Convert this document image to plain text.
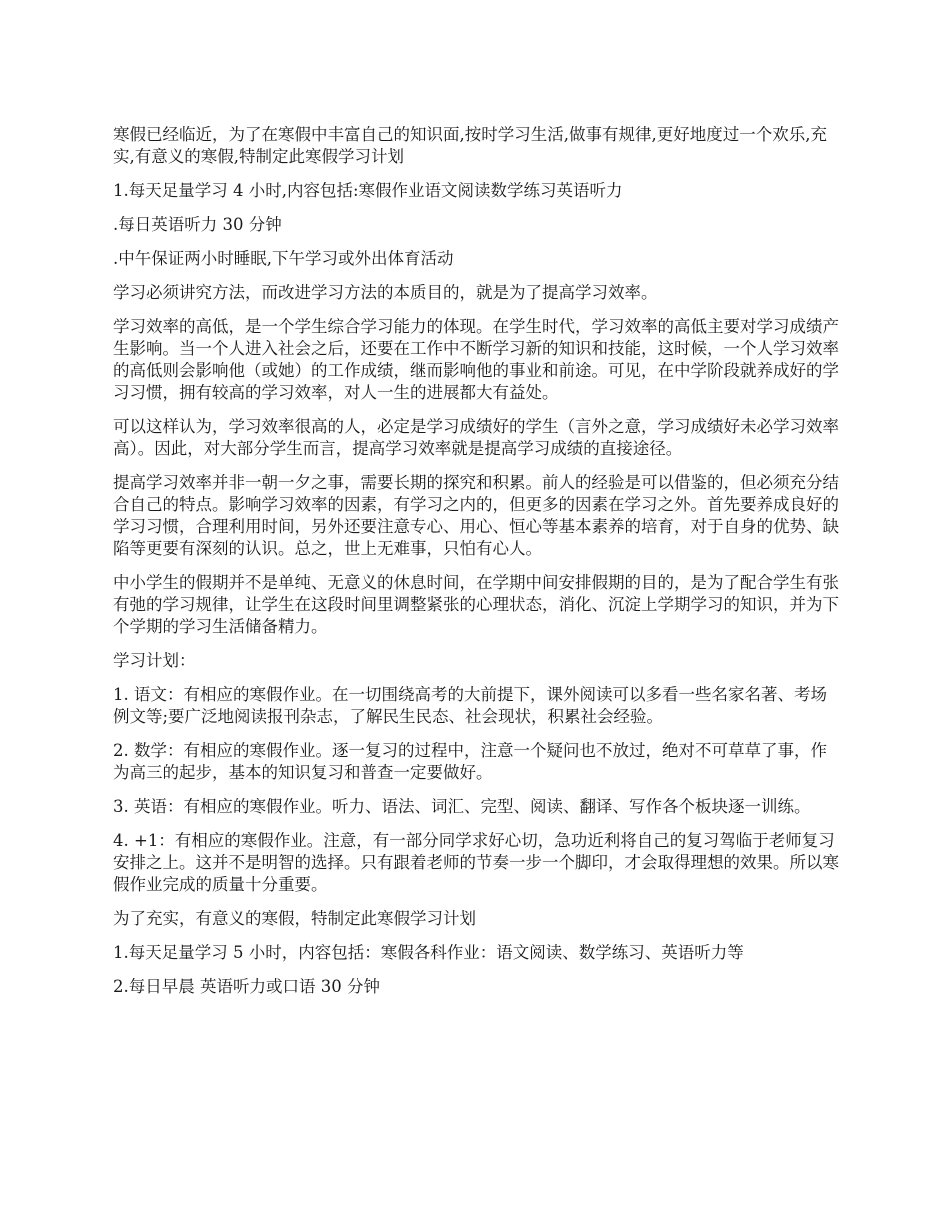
寒假已经临近，为了在寒假中丰富自己的知识面,按时学习生活,做事有规律,更好地度过一个欢乐,充实,有意义的寒假,特制定此寒假学习计划

1.每天足量学习 4 小时,内容包括:寒假作业语文阅读数学练习英语听力

.每日英语听力 30 分钟

.中午保证两小时睡眠,下午学习或外出体育活动

学习必须讲究方法，而改进学习方法的本质目的，就是为了提高学习效率。

学习效率的高低，是一个学生综合学习能力的体现。在学生时代，学习效率的高低主要对学习成绩产生影响。当一个人进入社会之后，还要在工作中不断学习新的知识和技能，这时候，一个人学习效率的高低则会影响他（或她）的工作成绩，继而影响他的事业和前途。可见，在中学阶段就养成好的学习习惯，拥有较高的学习效率，对人一生的进展都大有益处。

可以这样认为，学习效率很高的人，必定是学习成绩好的学生（言外之意，学习成绩好未必学习效率高）。因此，对大部分学生而言，提高学习效率就是提高学习成绩的直接途径。

提高学习效率并非一朝一夕之事，需要长期的探究和积累。前人的经验是可以借鉴的，但必须充分结合自己的特点。影响学习效率的因素，有学习之内的，但更多的因素在学习之外。首先要养成良好的学习习惯，合理利用时间，另外还要注意专心、用心、恒心等基本素养的培育，对于自身的优势、缺陷等更要有深刻的认识。总之，世上无难事，只怕有心人。

中小学生的假期并不是单纯、无意义的休息时间，在学期中间安排假期的目的，是为了配合学生有张有弛的学习规律，让学生在这段时间里调整紧张的心理状态，消化、沉淀上学期学习的知识，并为下个学期的学习生活储备精力。

学习计划：

1. 语文：有相应的寒假作业。在一切围绕高考的大前提下，课外阅读可以多看一些名家名著、考场例文等;要广泛地阅读报刊杂志，了解民生民态、社会现状，积累社会经验。

2. 数学：有相应的寒假作业。逐一复习的过程中，注意一个疑问也不放过，绝对不可草草了事，作为高三的起步，基本的知识复习和普查一定要做好。

3. 英语：有相应的寒假作业。听力、语法、词汇、完型、阅读、翻译、写作各个板块逐一训练。

4. +1：有相应的寒假作业。注意，有一部分同学求好心切，急功近利将自己的复习驾临于老师复习安排之上。这并不是明智的选择。只有跟着老师的节奏一步一个脚印，才会取得理想的效果。所以寒假作业完成的质量十分重要。

为了充实，有意义的寒假，特制定此寒假学习计划

1.每天足量学习 5 小时，内容包括：寒假各科作业：语文阅读、数学练习、英语听力等

2.每日早晨 英语听力或口语 30 分钟
